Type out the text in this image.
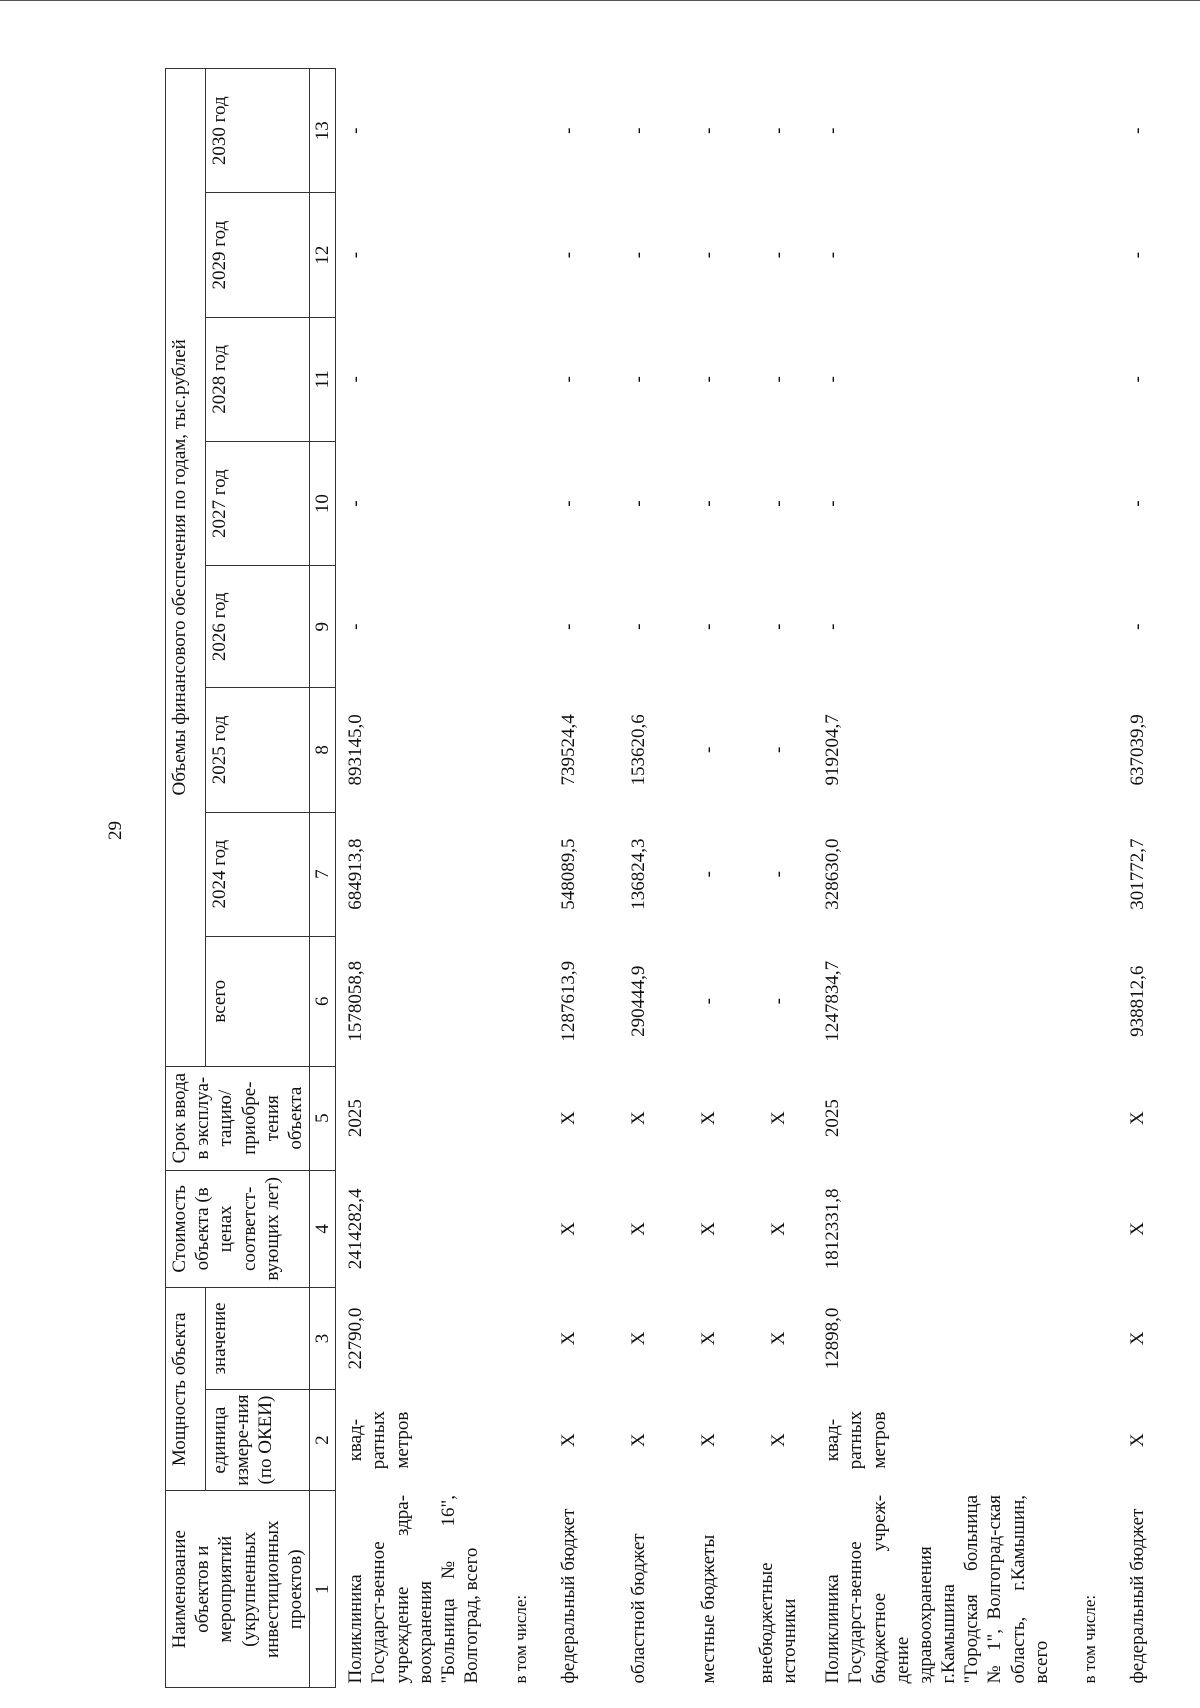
29
Наименование объектов и мероприятий (укрупненных инвестиционных проектов)	Мощность объекта		Стоимость объекта (в ценах соответст-вующих лет)	Срок ввода в эксплуа-тацию/ приобре-тения объекта	Объемы финансового обеспечения по годам, тыс.рублей							
	единица измере-ния (по ОКЕИ)	значение			всего	2024 год	2025 год	2026 год	2027 год	2028 год	2029 год	2030 год
1	2	3	4	5	6	7	8	9	10	11	12	13
Поликлиника Государст-венное учреждение здра-воохранения "Больница № 16", Волгоград, всего	квад-ратных метров	22790,0	2414282,4	2025	1578058,8	684913,8	893145,0	-	-	-	-	-
в том числе:												
федеральный бюджет	X	X	X	X	1287613,9	548089,5	739524,4	-	-	-	-	-
областной бюджет	X	X	X	X	290444,9	136824,3	153620,6	-	-	-	-	-
местные бюджеты	X	X	X	X	-	-	-	-	-	-	-	-
внебюджетные источники	X	X	X	X	-	-	-	-	-	-	-	-
Поликлиника Государст-венное бюджетное учреж-дение здравоохранения г.Камышина "Городская больница № 1", Волгоград-ская область, г.Камышин, всего	квад-ратных метров	12898,0	1812331,8	2025	1247834,7	328630,0	919204,7	-	-	-	-	-
в том числе:												
федеральный бюджет	X	X	X	X	938812,6	301772,7	637039,9	-	-	-	-	-
